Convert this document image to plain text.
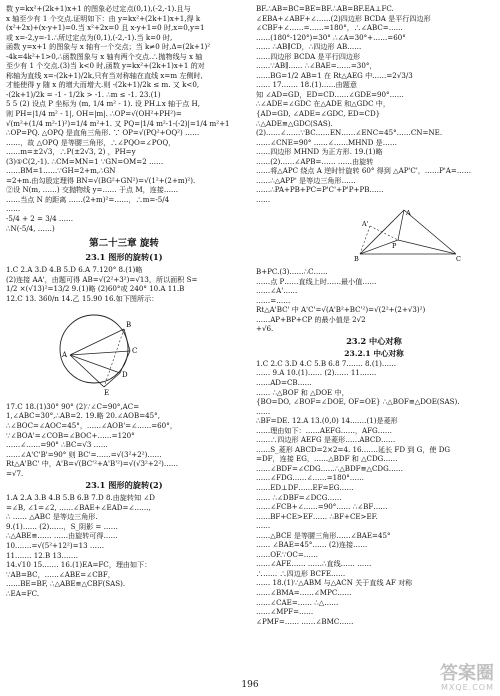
数 y=kx²+(2k+1)x+1 的图象必过定点(0,1),(-2,-1).且与
x 轴至少有 1 个交点.证明如下：由 y=kx²+(2k+1)x+1,得 k
(x²+2x)+(x-y+1)=0.当 x²+2x=0 且 x-y+1=0 时,x=0,y=1
或 x=-2,y=-1.∴所过定点为(0,1),(-2,-1).当 k=0 时,
函数 y=x+1 的图象与 x 轴有一个交点；当 k≠0 时,Δ=(2k+1)²
-4k=4k²+1>0,∴函数图象与 x 轴有两个交点.∴抛物线与 x 轴
至少有 1 个交点.(3)当 k<0 时,函数 y=kx²+(2k+1)x+1 的对
称轴为直线 x=-(2k+1)/2k,只有当对称轴在直线 x=m 左侧时,
才能使得 y 随 x 的增大而增大.则 -(2k+1)/2k ≤ m. 又 k<0,
-(2k+1)/2k = -1 - 1/2k > -1. ∴m ≤ -1. 23.(1)
5 5 (2) 设点 P 坐标为 (m, 1/4 m² - 1). 设 PH⊥x 轴于点 H,
则 PH=|1/4 m² - 1|, OH=|m|. ∴OP=√(OH²+PH²)=
√(m²+(1/4 m²-1)²)=1/4 m²+1. 又 PQ=|1/4 m²-1-(-2)|=1/4 m²+1
∴OP=PQ. △OPQ 是直角三角形. ∵ OP=√(PQ²+OQ²) ……
……，故 △OPQ 是等腰三角形，∴∠PQO=∠POQ，
……m=±2√3，∴P(±2√3, 2) ，PH=y
(3)①C(2,-1). ∴CM=MN=1 ∵GN=OM=2 ……
……BM=1……∵GH=2+m,∴GN
=2+m.由勾股定理得 BN=√(BG²+GN²)=√(1²+(2+m)²).
②设 N(m, ……) 交抛物线 y=…… 于点 M，连接……
……当点 N 的距离 ……(2+m)²=……，∴m=-5/4
……
-5/4 + 2 = 3/4 ……
∴N(-5/4, ……)
第二十三章 旋转
23.1 图形的旋转(1)
1.C 2.A 3.D 4.B 5.D 6.A 7.120° 8.(1)略
(2)连接 AA'，由题可得 AB=√(2²+3²)=√13，所以面积 S=
1/2 ×(√13)²=13/2 9.(1)略 (2)60°或 240° 10.A 11.B
12.C 13. 360/n 14.乙 15.90 16.如下图所示：
A
B
C
D
E
17.C 18.(1)30° 90° (2)∵∠C=90°,AC=
1,∠ABC=30°,∴AB=2. 19.略 20.∠AOB=45°,
∴∠BOC=∠AOC=45°，……∠AOB'=∠……=60°，
∵∠BOA'=∠COB=∠BOC+……=120°
……∠……=90° ∴BC=√3 ……
……∠A'C'B'=90° 则 BC'=……=√(3²+2²)……
Rt△A'BC' 中，A'B=√(BC'²+A'B'²)=√(√3²+2²)……
=√7.
23.1 图形的旋转(2)
1.A 2.A 3.B 4.B 5.B 6.B 7.D 8.由旋转知 ∠D
=∠B, ∠1=∠2, ……∠BAE+∠EAD=∠……,
∴ …… △ABC 是等边三角形.
9.(1)…… (2)……，S_阴影 = ……
∴△ABE≌…… ……由旋转可得……
10.……=√(5²+12²)=13 ……
11.…… 12.B 13.……
14.√10 15.…… 16.(1)EA=FC，理由如下：
∵AB=BC，……∠ABE=∠CBF，
……BE=BF, ∴△ABE≌△CBF(SAS).
∴EA=FC.
BF.∴AB=BC=BE=BF.∴AB=BF.EA⊥FC.
∠EBA+∠ABF+∠……(2)四边形 BCDA 是平行四边形
∠CBF+∠……=……=180°，∴∠ABC=……
……(180°-120°)=30° ∴∠A=30°+……=60°
…… ∴AB∥CD，∴四边形 AB……
……四边形 BCDA 是平行四边形
……∵AB∥…… ∴∠BAE=……=30°，
……BG=1/2 AB=1 在 Rt△AEG 中……=2√3/3
…… 17.…… 18.(1)……由题意
知 ∠AD=GD，ED=CD……∠GDE=90°……
∴∠ADE=∠GDC 在△ADE 和△GDC 中，
{AD=GD, ∠ADE=∠GDC, ED=CD}
∴△ADE≌△GDC(SAS).
(2)……∠……∵BC……EN……∠ENC=45°……CN=NE.
……∠CNE=90° ……∠……MHND 是……
……四边形 MHND 为正方形. 19.(1)略
……(2)……∠APB=…… ……由旋转
……将△APC 绕点 A 逆时针旋转 60° 得到 △AP'C'，……P'A=……
……∴△APP' 是等边三角形……
……∴PA+PB+PC=P'C'+P'P+PB……
……
A
A'
B
P
C
B+PC.(3)……∴C……
……点 P……直线上时……最小值……
……∠A'……
……=……
Rt△A'BC' 中 A'C'=√(A'B²+BC'²)=√(2²+(2+√3)²)
……AP+BP+CP 的最小值是 2√2
+√6.
23.2 中心对称
23.2.1 中心对称
1.C 2.C 3.D 4.C 5.B 6.8 7.…… 8.(1)……
…… 9.A 10.(1)…… (2)…… 11.……
……AD=CB……
…… ∴△BOF 和 △DOE 中，
{BO=DO, ∠BOF=∠DOE, OF=OE} ∴△BOF≌△DOE(SAS).
……
∴BF=DE. 12.A 13.(0,0) 14.……(1)是菱形
……理由如下：……AEFG……，AFG……
……∴四边形 AEFG 是菱形……ABCD……
……S_菱形 ABCD=2×2=4. 16.……延长 FD 到 G，使 DG
=DF，连接 EG，……△BDF 和 △CDG……
……∠BDF=∠CDG……∴△BDF≌△CDG……
……∠FDG……∠……=180°……
……ED⊥DF……EF=EG……
…… ∴∠DBF=∠DCG……
……∠FCB+∠……=90°…… ∴∠BF……
……BF+CE>EF…… ∴BF+CE>EF.
……
……△BCE 是等腰三角形……∠BAE=45°
…… ∠BAE=45°…… (2)连接……
……OF.∵OC=……
……∠AFE…… ……∴直线…… ……
∴…… ∴四边形 BCFE……
…… 18.(1)∵△ABM 与△ACN 关于直线 AF 对称
……∠BMA=……∠MPC……
……∠CAE=…… ∴△……
……∠MPF=……
∠PMF=…… ……∠BMC……
196
答案圈
MXQE.COM
